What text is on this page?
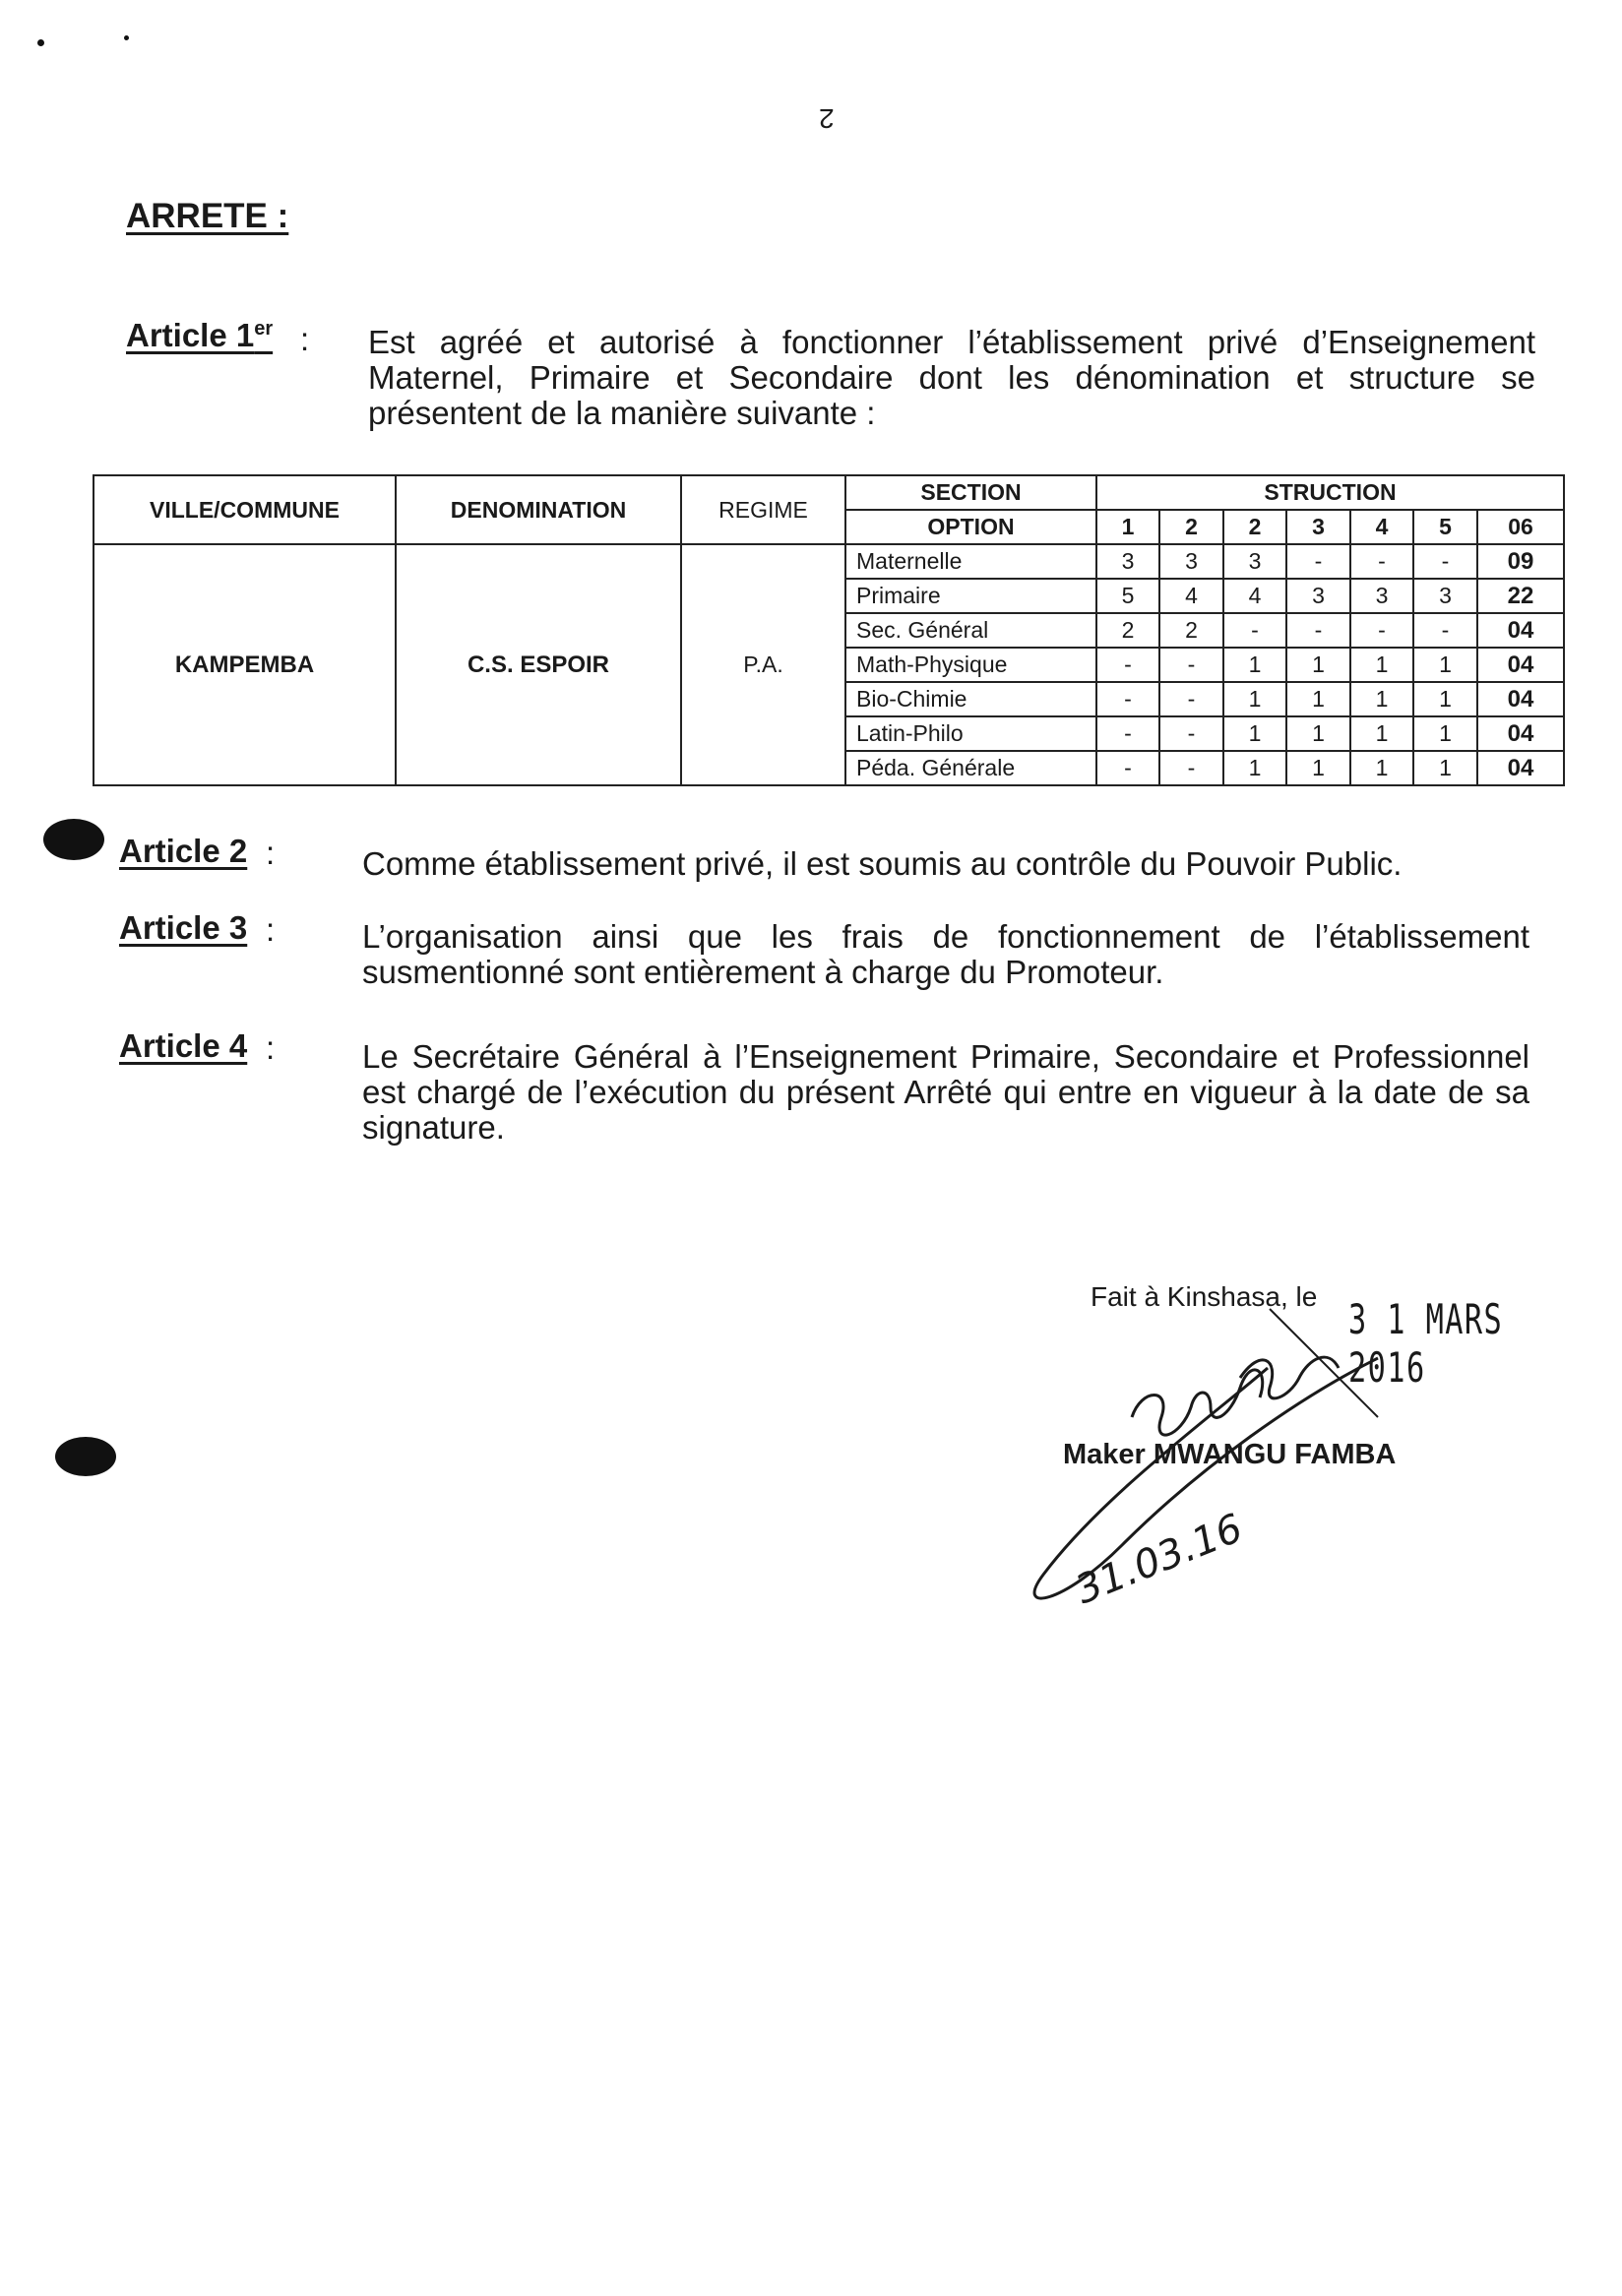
2
ARRETE :
Article 1er : Est agréé et autorisé à fonctionner l’établissement privé d’Enseignement Maternel, Primaire et Secondaire dont les dénomination et structure se présentent de la manière suivante :
VILLE/COMMUNE	DENOMINATION	REGIME	SECTION	STRUCTION						
			OPTION	1	2	2	3	4	5	06
KAMPEMBA	C.S. ESPOIR	P.A.	Maternelle	3	3	3	-	-	-	09
			Primaire	5	4	4	3	3	3	22
			Sec. Général	2	2	-	-	-	-	04
			Math-Physique	-	-	1	1	1	1	04
			Bio-Chimie	-	-	1	1	1	1	04
			Latin-Philo	-	-	1	1	1	1	04
			Péda. Générale	-	-	1	1	1	1	04
Article 2 :	Comme établissement privé, il est soumis au contrôle du Pouvoir Public.
Article 3 :	L’organisation ainsi que les frais de fonctionnement de l’établissement susmentionné sont entièrement à charge du Promoteur.
Article 4 :	Le Secrétaire Général à l’Enseignement Primaire, Secondaire et Professionnel est chargé de l’exécution du présent Arrêté qui entre en vigueur à la date de sa signature.
Fait à Kinshasa, le 3 1 MARS 2016
Maker MWANGU FAMBA
31.03.16
